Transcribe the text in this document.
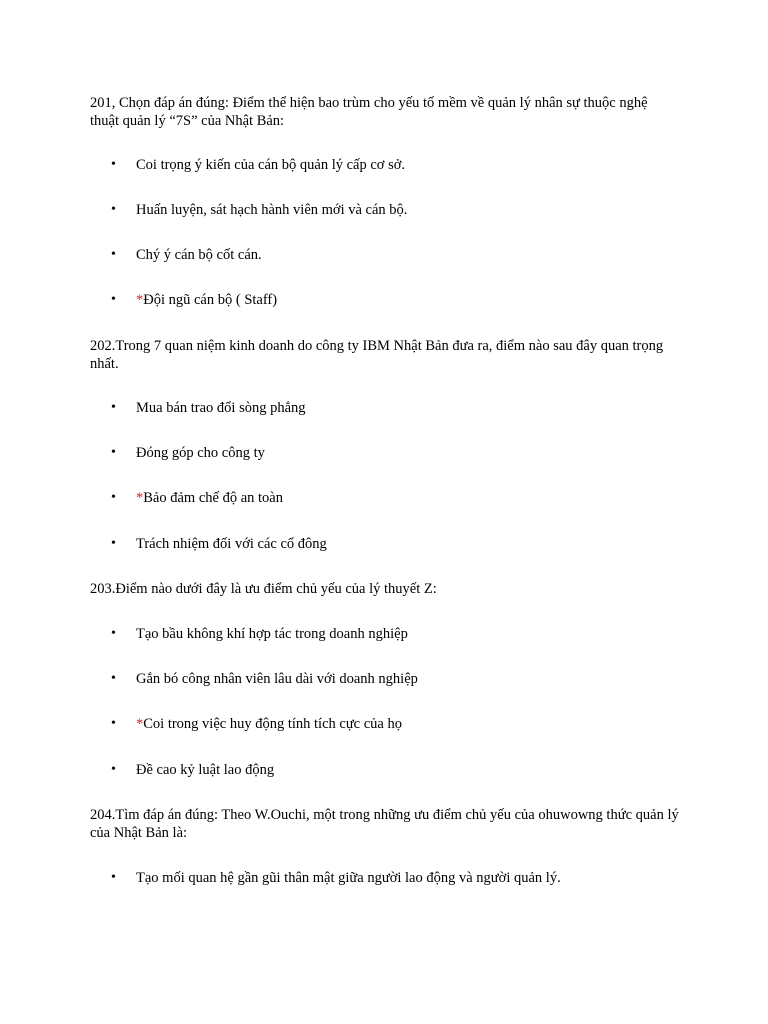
201, Chọn đáp án đúng: Điểm thể hiện bao trùm cho yếu tố mềm về quản lý nhân sự thuộc nghệ thuật quản lý “7S” của Nhật Bản:
• Coi trọng ý kiến của cán bộ quản lý cấp cơ sở.
• Huấn luyện, sát hạch hành viên mới và cán bộ.
• Chý ý cán bộ cốt cán.
• *Đội ngũ cán bộ ( Staff)
202.Trong 7 quan niệm kinh doanh do công ty IBM Nhật Bản đưa ra, điểm nào sau đây quan trọng nhất.
• Mua bán trao đổi sòng phẳng
• Đóng góp cho công ty
• *Bảo đảm chế độ an toàn
• Trách nhiệm đối với các cổ đông
203.Điểm nào dưới đây là ưu điểm chủ yếu của lý thuyết Z:
• Tạo bầu không khí hợp tác trong doanh nghiệp
• Gắn bó công nhân viên lâu dài với doanh nghiệp
• *Coi trong việc huy động tính tích cực của họ
• Đề cao kỷ luật lao động
204.Tìm đáp án đúng: Theo W.Ouchi, một trong những ưu điểm chủ yếu của ohuwowng thức quản lý của Nhật Bản là:
• Tạo mối quan hệ gần gũi thân mật giữa người lao động và người quản lý.
